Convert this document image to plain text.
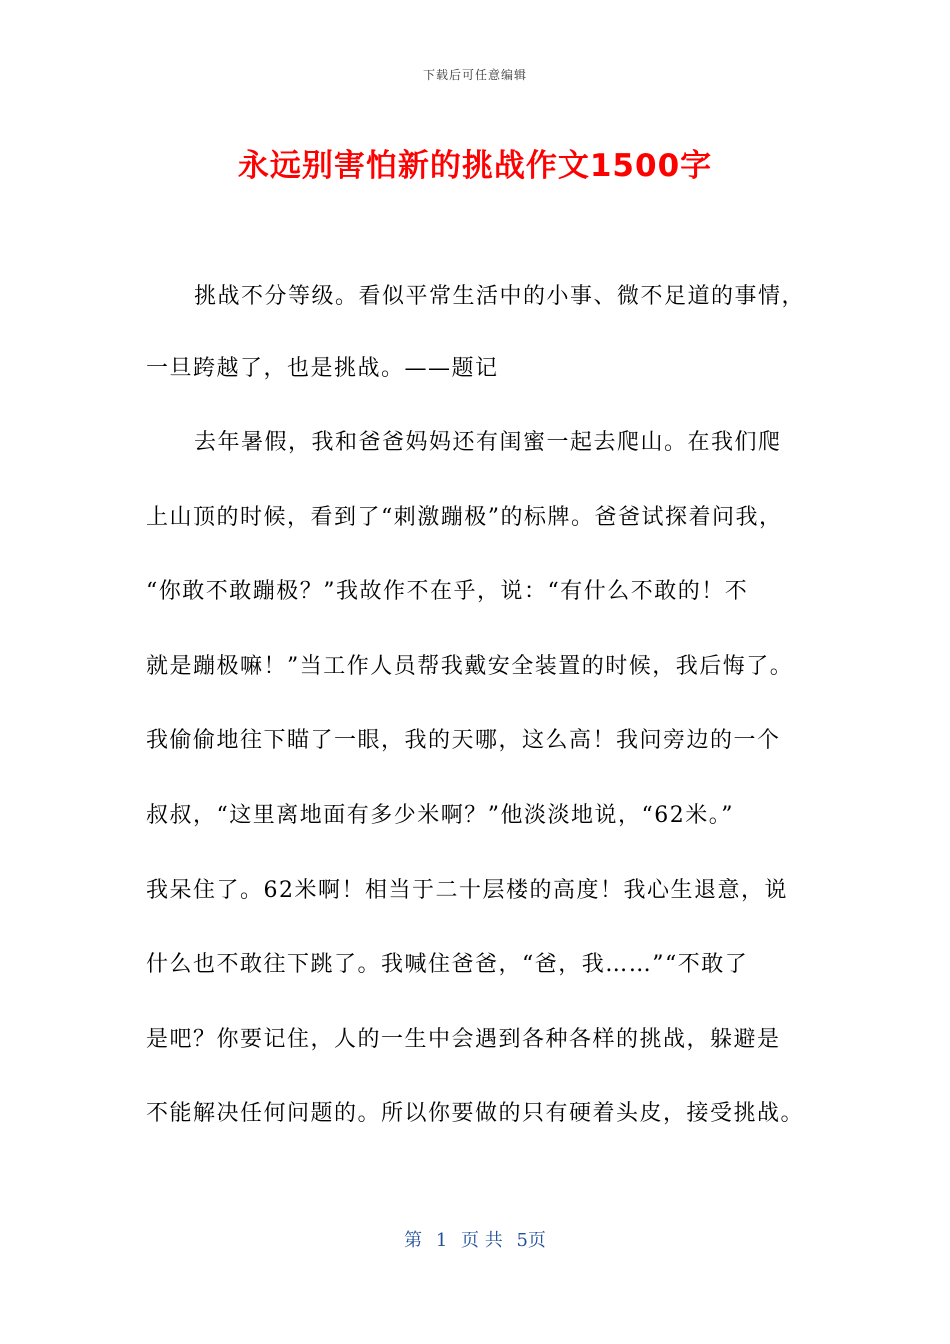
下载后可任意编辑
永远别害怕新的挑战作文1500字
挑战不分等级。看似平常生活中的小事、微不足道的事情，
一旦跨越了，也是挑战。——题记
去年暑假，我和爸爸妈妈还有闺蜜一起去爬山。在我们爬
上山顶的时候，看到了“刺激蹦极”的标牌。爸爸试探着问我，
“你敢不敢蹦极？”我故作不在乎，说：“有什么不敢的！不
就是蹦极嘛！”当工作人员帮我戴安全装置的时候，我后悔了。
我偷偷地往下瞄了一眼，我的天哪，这么高！我问旁边的一个
叔叔，“这里离地面有多少米啊？”他淡淡地说，“62米。”
我呆住了。62米啊！相当于二十层楼的高度！我心生退意，说
什么也不敢往下跳了。我喊住爸爸，“爸，我……”“不敢了
是吧？你要记住，人的一生中会遇到各种各样的挑战，躲避是
不能解决任何问题的。所以你要做的只有硬着头皮，接受挑战。
第 1 页 共 5页
